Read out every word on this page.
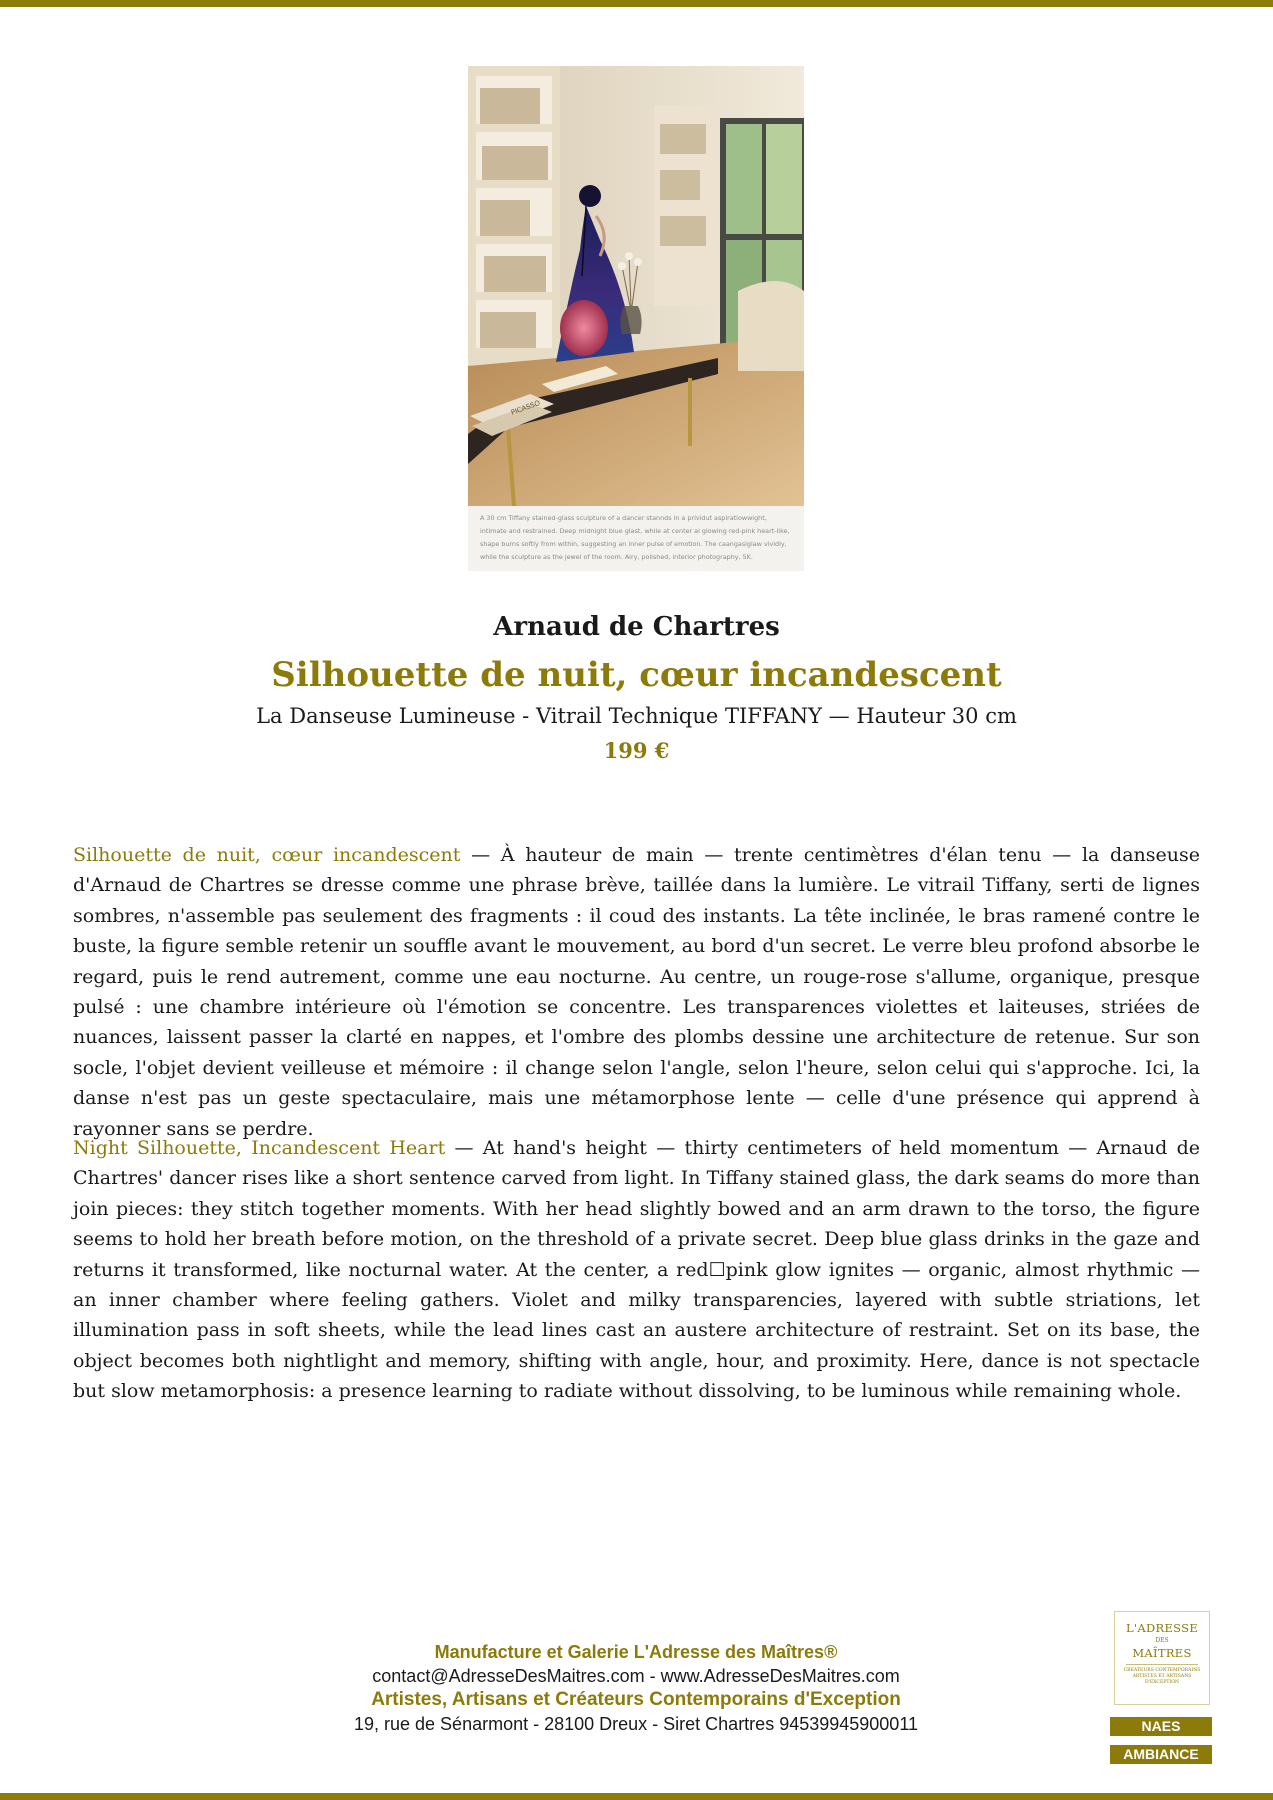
PICASSO
A 30 cm Tiffany stained-glass sculpture of a dancer stannds in a prividut aspiratiowwight, intimate and restrained. Deep midnight blue glast, while at center al glowing red-pink heart-like, shape burns softly from within, suggesting an inner pulse of emotion. The caangasiglaw vividly, while the sculpture as the jewel of the room. Airy, polished, interior photography, 5K.
Arnaud de Chartres
Silhouette de nuit, cœur incandescent
La Danseuse Lumineuse - Vitrail Technique TIFFANY — Hauteur 30 cm
199 €

Silhouette de nuit, cœur incandescent — À hauteur de main — trente centimètres d'élan tenu — la danseuse d'Arnaud de Chartres se dresse comme une phrase brève, taillée dans la lumière. Le vitrail Tiffany, serti de lignes sombres, n'assemble pas seulement des fragments : il coud des instants. La tête inclinée, le bras ramené contre le buste, la figure semble retenir un souffle avant le mouvement, au bord d'un secret. Le verre bleu profond absorbe le regard, puis le rend autrement, comme une eau nocturne. Au centre, un rouge-rose s'allume, organique, presque pulsé : une chambre intérieure où l'émotion se concentre. Les transparences violettes et laiteuses, striées de nuances, laissent passer la clarté en nappes, et l'ombre des plombs dessine une architecture de retenue. Sur son socle, l'objet devient veilleuse et mémoire : il change selon l'angle, selon l'heure, selon celui qui s'approche. Ici, la danse n'est pas un geste spectaculaire, mais une métamorphose lente — celle d'une présence qui apprend à rayonner sans se perdre.

Night Silhouette, Incandescent Heart — At hand's height — thirty centimeters of held momentum — Arnaud de Chartres' dancer rises like a short sentence carved from light. In Tiffany stained glass, the dark seams do more than join pieces: they stitch together moments. With her head slightly bowed and an arm drawn to the torso, the figure seems to hold her breath before motion, on the threshold of a private secret. Deep blue glass drinks in the gaze and returns it transformed, like nocturnal water. At the center, a red☐pink glow ignites — organic, almost rhythmic — an inner chamber where feeling gathers. Violet and milky transparencies, layered with subtle striations, let illumination pass in soft sheets, while the lead lines cast an austere architecture of restraint. Set on its base, the object becomes both nightlight and memory, shifting with angle, hour, and proximity. Here, dance is not spectacle but slow metamorphosis: a presence learning to radiate without dissolving, to be luminous while remaining whole.

Manufacture et Galerie L'Adresse des Maîtres®
contact@AdresseDesMaitres.com - www.AdresseDesMaitres.com
Artistes, Artisans et Créateurs Contemporains d'Exception
19, rue de Sénarmont - 28100 Dreux - Siret Chartres 94539945900011
L'ADRESSE
DES
MAÎTRES
CRÉATEURS CONTEMPORAINS ARTISTES ET ARTISANS D'EXCEPTION
NAES
AMBIANCE
